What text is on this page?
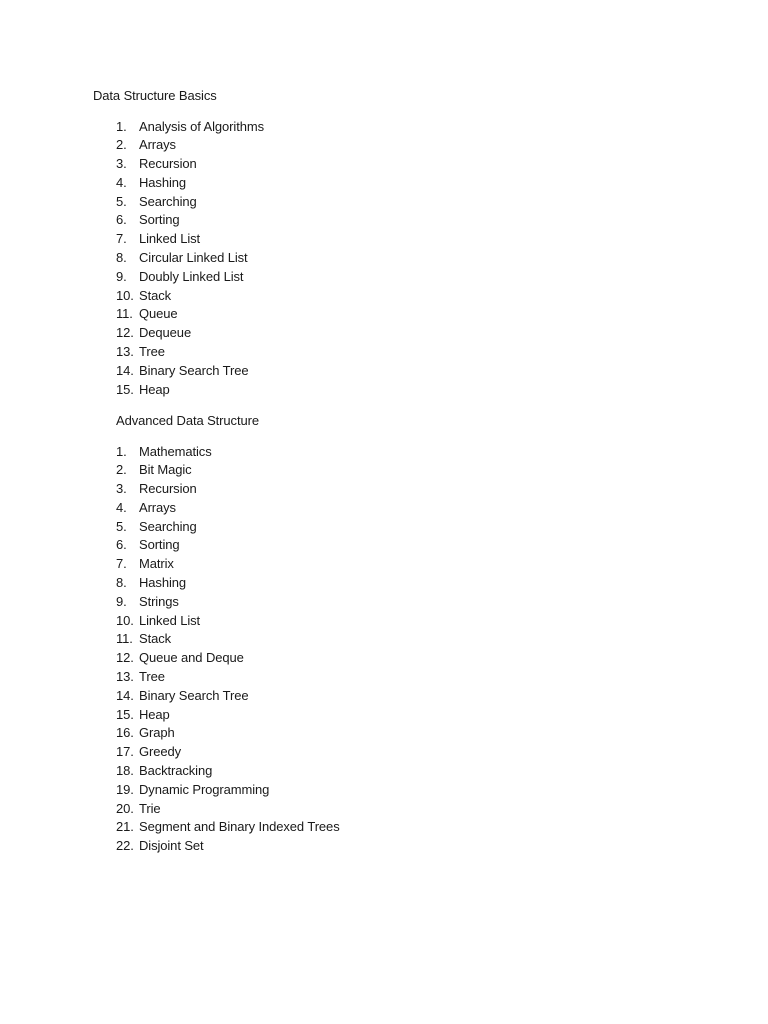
Data Structure Basics
1. Analysis of Algorithms
2. Arrays
3. Recursion
4. Hashing
5. Searching
6. Sorting
7. Linked List
8. Circular Linked List
9. Doubly Linked List
10. Stack
11. Queue
12. Dequeue
13. Tree
14. Binary Search Tree
15. Heap
Advanced Data Structure
1. Mathematics
2. Bit Magic
3. Recursion
4. Arrays
5. Searching
6. Sorting
7. Matrix
8. Hashing
9. Strings
10. Linked List
11. Stack
12. Queue and Deque
13. Tree
14. Binary Search Tree
15. Heap
16. Graph
17. Greedy
18. Backtracking
19. Dynamic Programming
20. Trie
21. Segment and Binary Indexed Trees
22. Disjoint Set
